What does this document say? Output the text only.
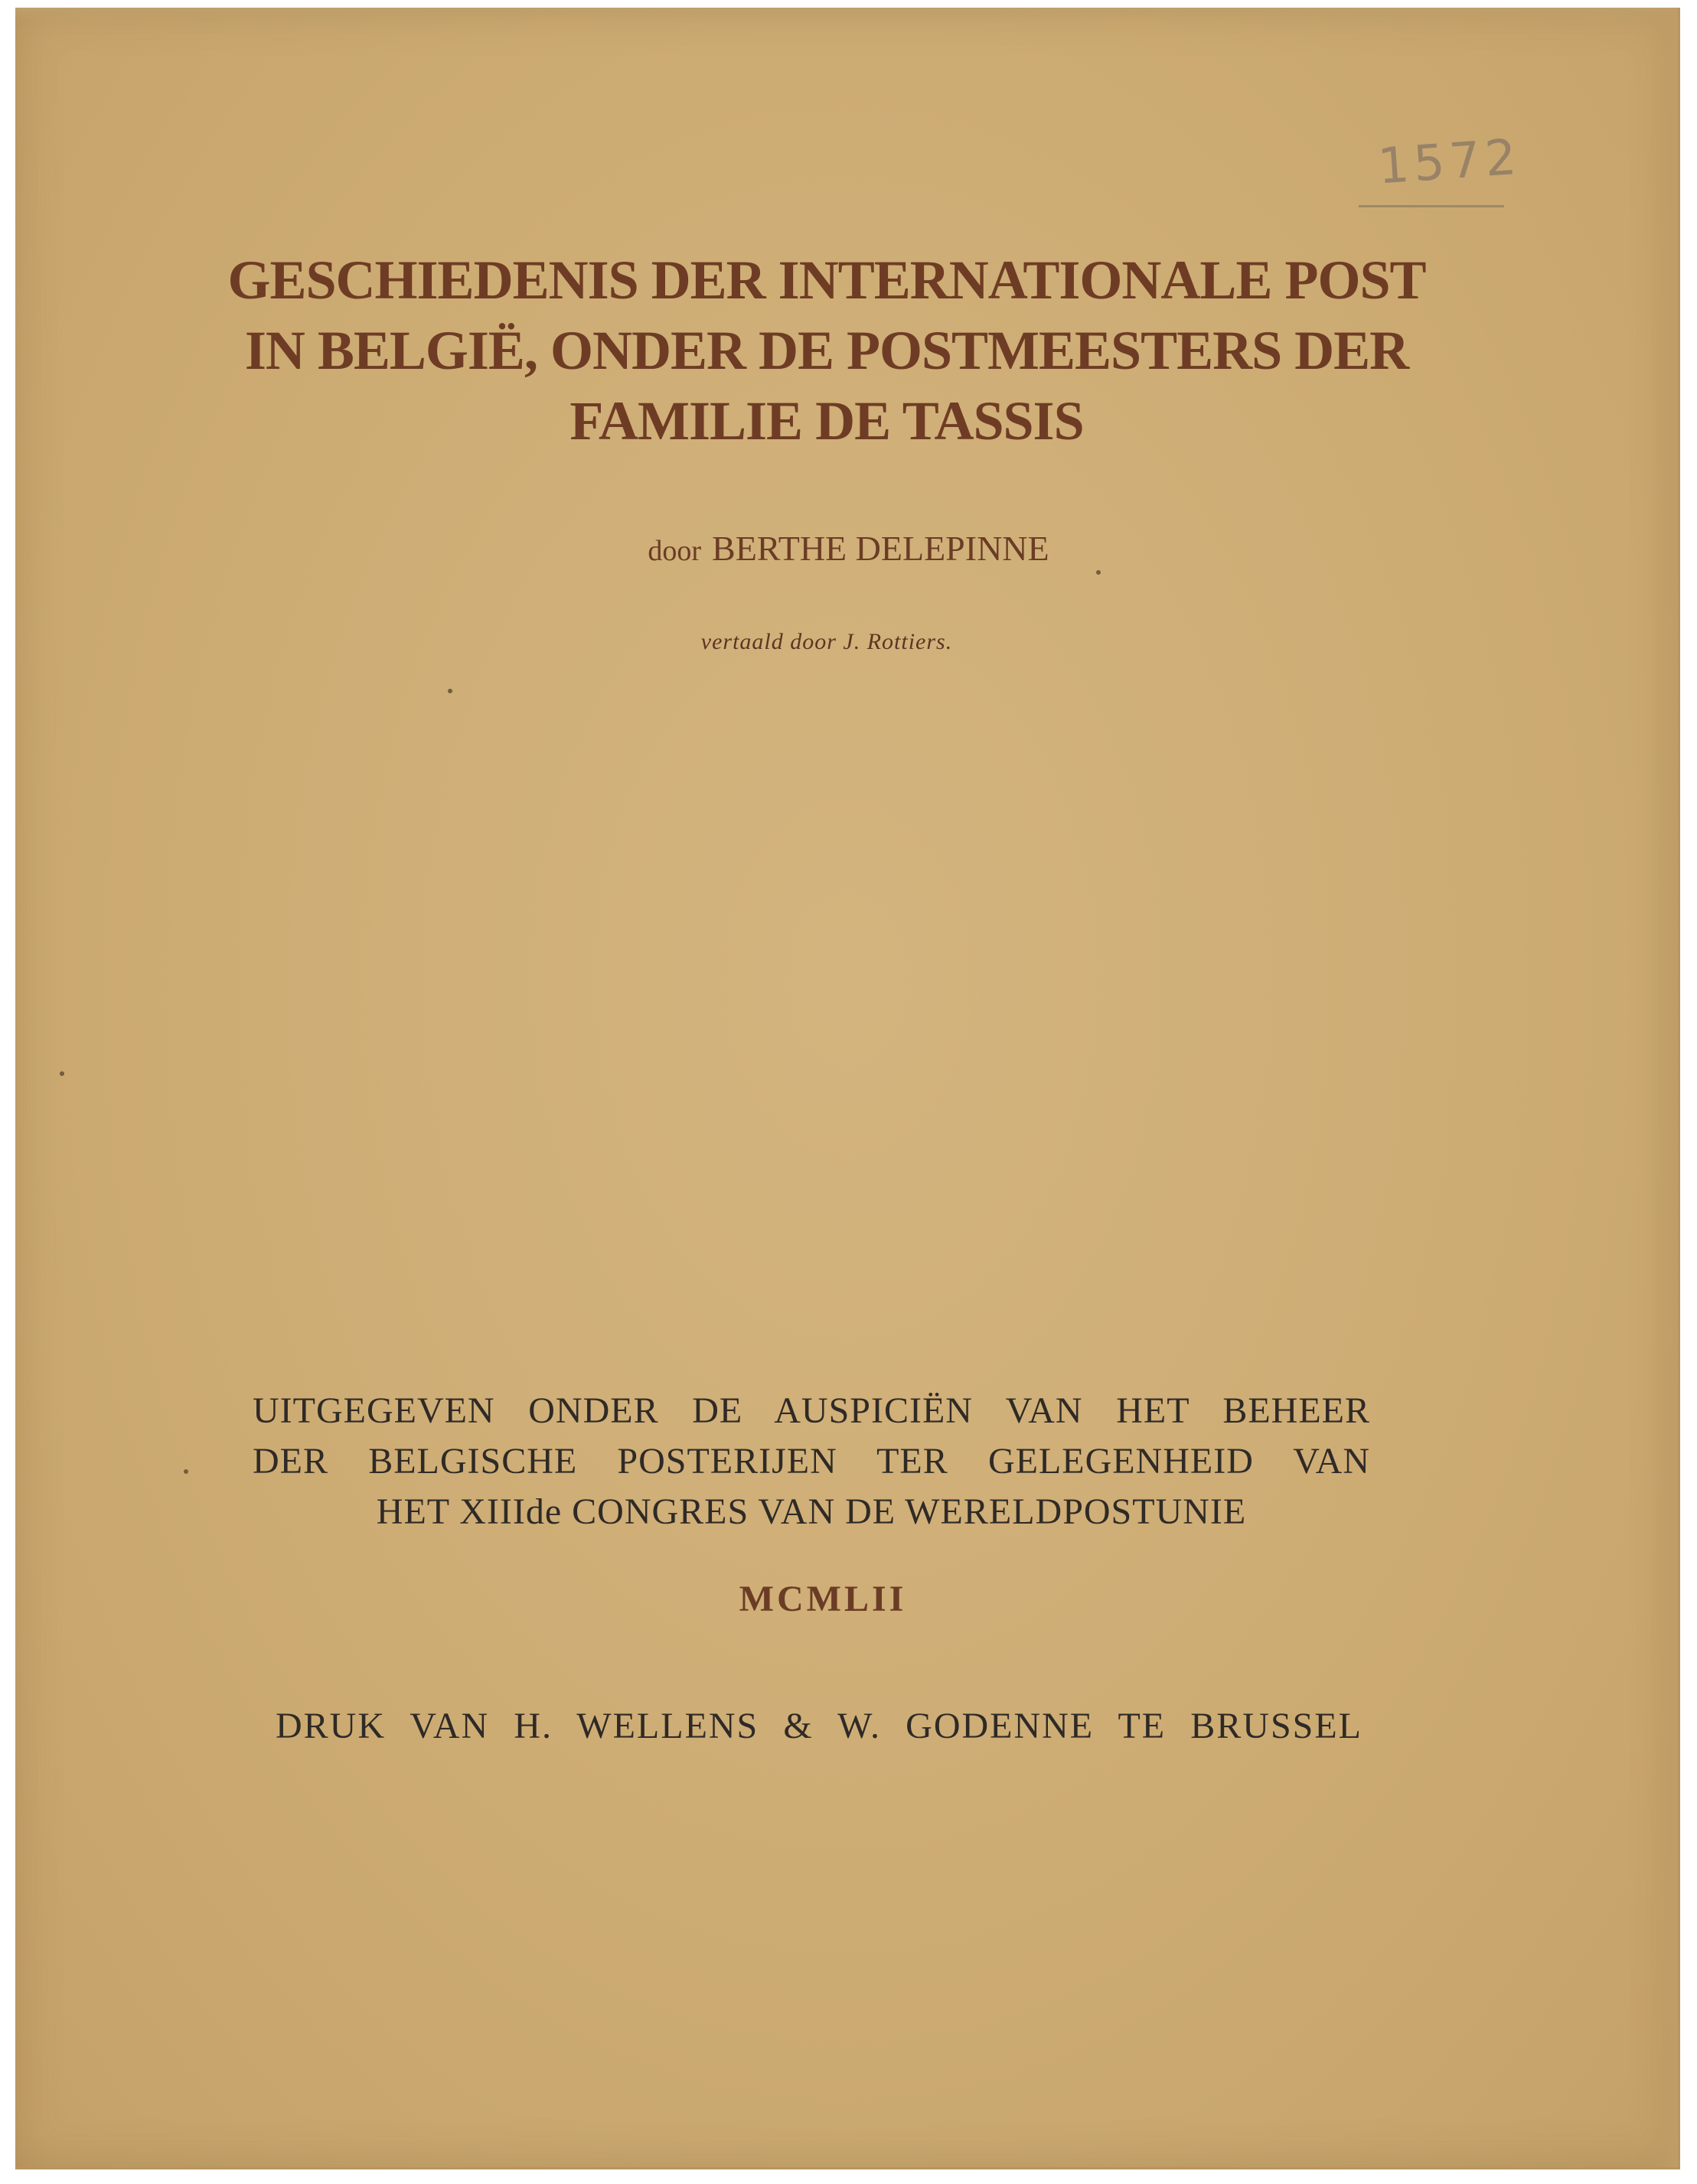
1572
GESCHIEDENIS DER INTERNATIONALE POST
IN BELGIË, ONDER DE POSTMEESTERS DER
FAMILIE DE TASSIS
door BERTHE DELEPINNE
vertaald door J. Rottiers.
UITGEGEVEN ONDER DE AUSPICIËN VAN HET BEHEER
DER BELGISCHE POSTERIJEN TER GELEGENHEID VAN
HET XIIIde CONGRES VAN DE WERELDPOSTUNIE
MCMLII
DRUK VAN H. WELLENS & W. GODENNE TE BRUSSEL
